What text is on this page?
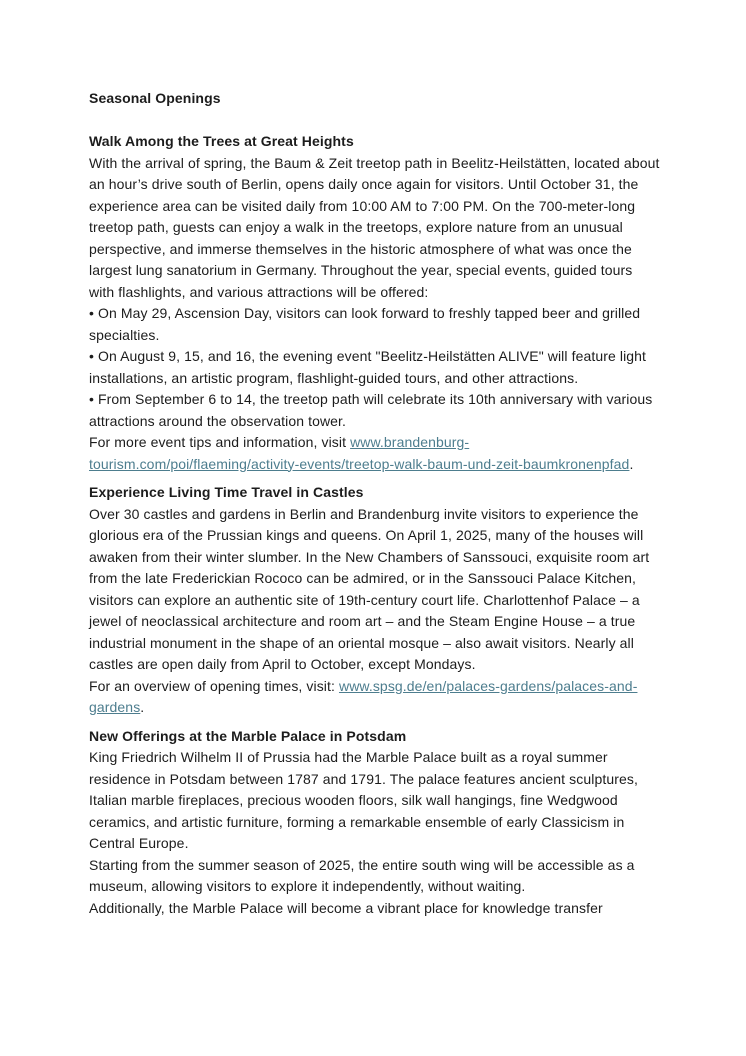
Seasonal Openings
Walk Among the Trees at Great Heights

With the arrival of spring, the Baum & Zeit treetop path in Beelitz-Heilstätten, located about an hour’s drive south of Berlin, opens daily once again for visitors. Until October 31, the experience area can be visited daily from 10:00 AM to 7:00 PM. On the 700-meter-long treetop path, guests can enjoy a walk in the treetops, explore nature from an unusual perspective, and immerse themselves in the historic atmosphere of what was once the largest lung sanatorium in Germany. Throughout the year, special events, guided tours with flashlights, and various attractions will be offered:

• On May 29, Ascension Day, visitors can look forward to freshly tapped beer and grilled specialties.

• On August 9, 15, and 16, the evening event "Beelitz-Heilstätten ALIVE" will feature light installations, an artistic program, flashlight-guided tours, and other attractions.

• From September 6 to 14, the treetop path will celebrate its 10th anniversary with various attractions around the observation tower.

For more event tips and information, visit www.brandenburg-tourism.com/poi/flaeming/activity-events/treetop-walk-baum-und-zeit-baumkronenpfad.

Experience Living Time Travel in Castles

Over 30 castles and gardens in Berlin and Brandenburg invite visitors to experience the glorious era of the Prussian kings and queens. On April 1, 2025, many of the houses will awaken from their winter slumber. In the New Chambers of Sanssouci, exquisite room art from the late Frederickian Rococo can be admired, or in the Sanssouci Palace Kitchen, visitors can explore an authentic site of 19th-century court life. Charlottenhof Palace – a jewel of neoclassical architecture and room art – and the Steam Engine House – a true industrial monument in the shape of an oriental mosque – also await visitors. Nearly all castles are open daily from April to October, except Mondays.

For an overview of opening times, visit: www.spsg.de/en/palaces-gardens/palaces-and-gardens.

New Offerings at the Marble Palace in Potsdam

King Friedrich Wilhelm II of Prussia had the Marble Palace built as a royal summer residence in Potsdam between 1787 and 1791. The palace features ancient sculptures, Italian marble fireplaces, precious wooden floors, silk wall hangings, fine Wedgwood ceramics, and artistic furniture, forming a remarkable ensemble of early Classicism in Central Europe.

Starting from the summer season of 2025, the entire south wing will be accessible as a museum, allowing visitors to explore it independently, without waiting.

Additionally, the Marble Palace will become a vibrant place for knowledge transfer
